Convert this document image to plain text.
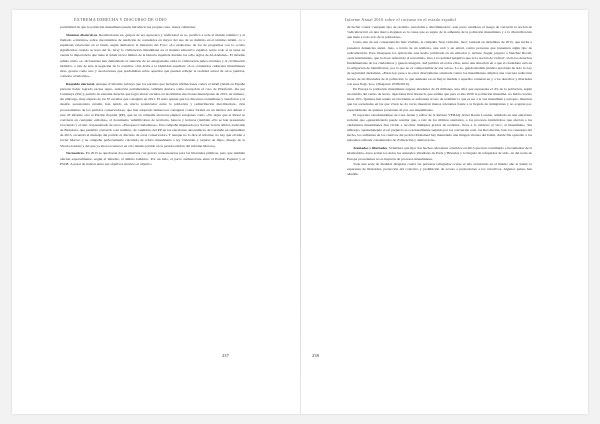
EXTREMA DERECHA Y DISCURSO DE ODIO

posibilidad de que la población musulmana pueda introducir sus propias cues- tiones culturales.

Sistemas discursivos. Realizaciones en, grupos de ser apoteoíca y tradicional es re- pecífica a toda el mundo islámico y el llamado «cristiano» sobre, mecanismos de rendición de contenidos en mayor del uso de su dominio en el término islámi- co o españoles relaciones en el islam, según demostrar la literatura del Foro: «La extinción» de los de programas con la «como significarlas cuando se trata del fa- larsy lo civilización musulmana en el sistema educativo español, sobre todo si se tiene en cuenta la importancia que tiene el Islam en los límites de la historia española durante los ocho siglos de Al-Andalus». El informe señala cómo «a- dicionantes han demandado la atención de su antagonismo entre la civilización judeo-cristiana y la civilización islámica, a raíz de ésta la negación de la contribu- ción árabe a la identidad española: «Los contenidos culturales musulmanes mos- grados como uno y asociaciones que predominan sobre aquellos que pueden reflejar la realidad actual de otros pueblos, contexto al informe».

Respaldo electoral. Aunque el informe subraya que los partidos que incluyen afirmaciones contra el islam (Islam en España parecen haber logrado escasa repre- sentación parlamentaria, también destaca como excepción el caso de Plataform- ma per Catalunya (PxC), partido de extrema derecha que logró elevar escaños en las últimas elecciones municipales de 2015, en número, sin embargo, muy alejado de los 67 escaños que consiguió en 2011. El texto apunta que los discursos extremistas y xenófobos y el desafío secesionista catalán, han tenido un efecto polarizador entre la población y redistribución movilizadora- ción procesamiento de los partidos conservadores, que han adoptado numerosos consignas contra formas en un interior del debate a este 43 informe otra el Partido Popular (PP), que en su campaña electoral empleó esloganes como «No dejes que el Rexal se convierte en cualquier «idioma», el documento 'señalification de territorio, bancos y lecturas (también «No se han presentado Creciendo y al rein- trapresentado de otros. «Europeos Ciudadanos». Una campaña impulsada por Xavier García Albiol, exalcalde de Badalona, que permitió convertir a un nombre- de candidato del PP en las elecciones autonómicas de Cataluña en septiembre de 2015, recuerda el mensaje del partido el discurso de otras conservador» Y aunque no lo dice el informe, no hay que olvidar a Javier Maroto y su campaña perfectamente calculada de crítica musulmana a ley viviendas y tarjetas de impo- muego de la Vitoria-Gasteiz y del que ya ahora acontecer en otro mismo partido en la pasada edición del informe Maroto».

Normativas. En 2015 se aprobaron dos normativas con graves consecuencias para las libertades públicas, pero que también afectan especialmente, según el informe, al ámbito islámico. Por un lado, el pacto antiterrorista entre el Partido Popular y el PSOE. A pesar de indicar entre sus objetivos motivos el objetivo

237
Informe Anual 2016 sobre el racismo en el estado español

de luchar contra 'cualquier tipo de racismo, xenofobia e discriminación', este pacto establece el riesgo de convertir la noción de 'radicalización' en una marca aleguien es la causa que es sujeto de la adhesión de la población musulmana y a la diversificación que tiene a todo acto de la población».

Como una de sus consecuencias más visibles, la campaña 'Stop radicalis- mos', lanzada en diciembre de 2015, que invita a presentar denuncias anóni- mas, a través de un teléfono, una web y un email, contra personas que presenten algún tipo de radicalización. Para 'msapaese los aplicación este hecho publicada en un editorial y, incluso Seguir prepara a Sánchez Recall, «este instrumento, que no hace referencia al terrorismo, sino a la realidad subjetiva que es la noción de 'radical', viola los derechos fundamentales de los ciudadanos y genera insegurí- dad jurídica en todos ellos, entre una situación en a que el ciudadano está en la obligación de identificarse, por lo que no es comprensible de sus actos». La se- gunda medida jurídica aprobada ha sido la Ley de seguridad ciudadana, «Estas ley, pese a no estar directamente orientada contra los musulmanes, implica una concreta reducción severa de las libertades de la población, lo que aumenta en su mayor medida a aquellos cometan en y a los derechos y libertades con esos flagi- los». (Diagonal 10/06/2016).

En Europa la población musulmana supone alrededor de 19 millones, una cifra que representa el 4% de la población, según un estudio del centro de inves- tigaciones Pew Reserch, que estima que para el año 2050 la población musulma- na habrá crecido hasta 10%. Quienes han tenido en Occidente se enfrentan al reto de redefinir lo que es ser a la vez musulmán y europeo, mientras que las sociedades en las que viven no da veces muestran menos tolerantes frente a la llegada de inmigrantes y no aceptan por, especialmente de quienes provienen de paí- ses musulmanes.

El reportero estadounidense de Casa Árabe y editor de la Revista VERAQ Javier Rosón Lorente, señalado en una entrevista reciente que «generalizando puede resultar que, a raíz de los últimos atentados, a los procesos islamófobos que afectan a los ciudadanos musulmanes han vivido a recobrar múltiples grados de realidad-, lleva a lo cubierto al 'otro', el musulmán». Sin embargo, aprehendiendo el rel prejuicio es ocasionalmente seguido por los conviertan com- las Revolución, traé, los cuestiona del hecho, los sulltantes de los cautivos del profeta Mohamed hay mantenido una imagen vitanza del Islam, donde Sin episodio a los episodios refieren considerados de civilización y democracia».

Atentados y libertades. Si hubiera que fijar dos hechos relevantes ocurridos en 2015 que han contribuido a incrementar de la islamofobia, éstos serían los delos los atentados yihadistas de Paris y Bruselas y la llegada de refugiados de sido- da del norte de Europa procedentes no es huyerón de procesos musulmanes.

Toda una serie de medidas dirigidas contra las personas refugiadas ocurre el año avanzando en el mismo año al islam; la esperanza de libertades, protección del colectivo y prohibición de acceso a prestaciones a los colectivos. Algunos países han añadido

238
